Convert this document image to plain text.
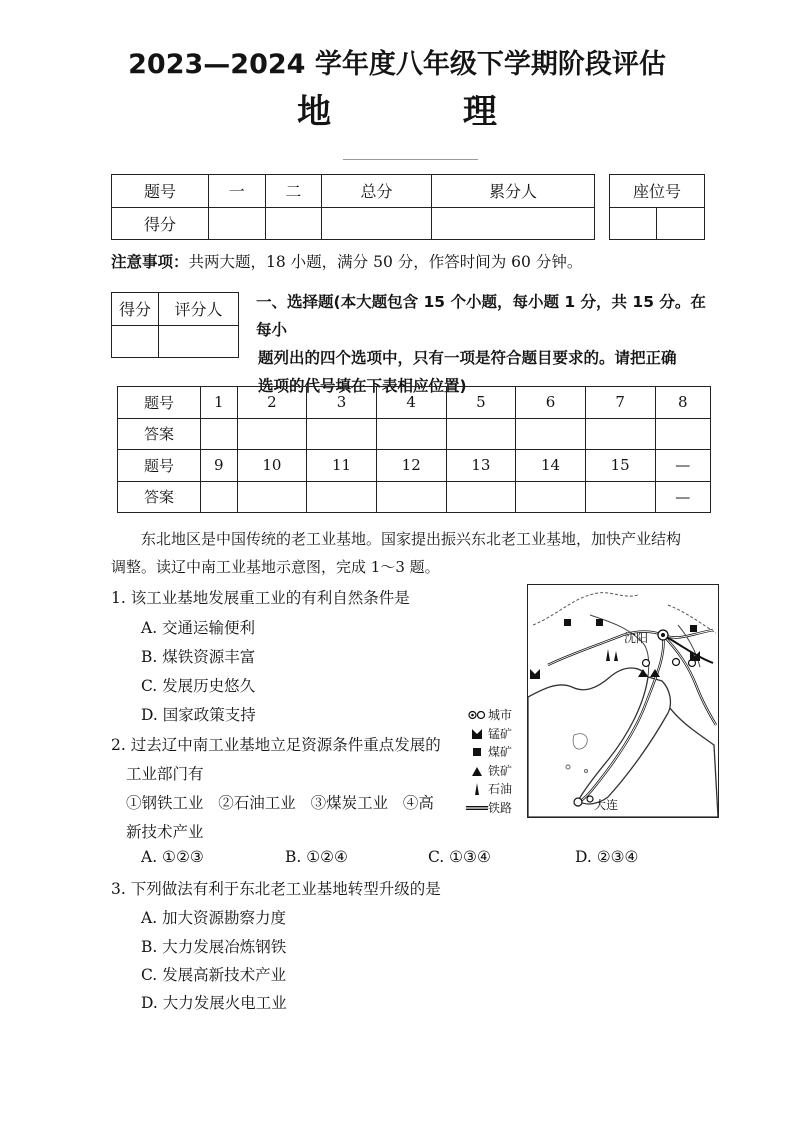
2023—2024 学年度八年级下学期阶段评估
地 理
题号	一	二	总分	累分人
得分				
座位号

注意事项：共两大题，18 小题，满分 50 分，作答时间为 60 分钟。
得分	评分人
	一、选择题(本大题包含 15 个小题，每小题 1 分，共 15 分。在每小
题列出的四个选项中，只有一项是符合题目要求的。请把正确
选项的代号填在下表相应位置)
题号	1	2	3	4	5	6	7	8
答案								
题号	9	10	11	12	13	14	15	—
答案								—
东北地区是中国传统的老工业基地。国家提出振兴东北老工业基地，加快产业结构
调整。读辽中南工业基地示意图，完成 1～3 题。
1. 该工业基地发展重工业的有利自然条件是
A. 交通运输便利
B. 煤铁资源丰富
C. 发展历史悠久
D. 国家政策支持
2. 过去辽中南工业基地立足资源条件重点发展的
工业部门有
①钢铁工业   ②石油工业   ③煤炭工业   ④高
新技术产业
A. ①②③	B. ①②④	C. ①③④	D. ②③④
3. 下列做法有利于东北老工业基地转型升级的是
A. 加大资源勘察力度
B. 大力发展冶炼钢铁
C. 发展高新技术产业
D. 大力发展火电工业
沈阳
大连
城市
锰矿
煤矿
铁矿
石油
铁路
